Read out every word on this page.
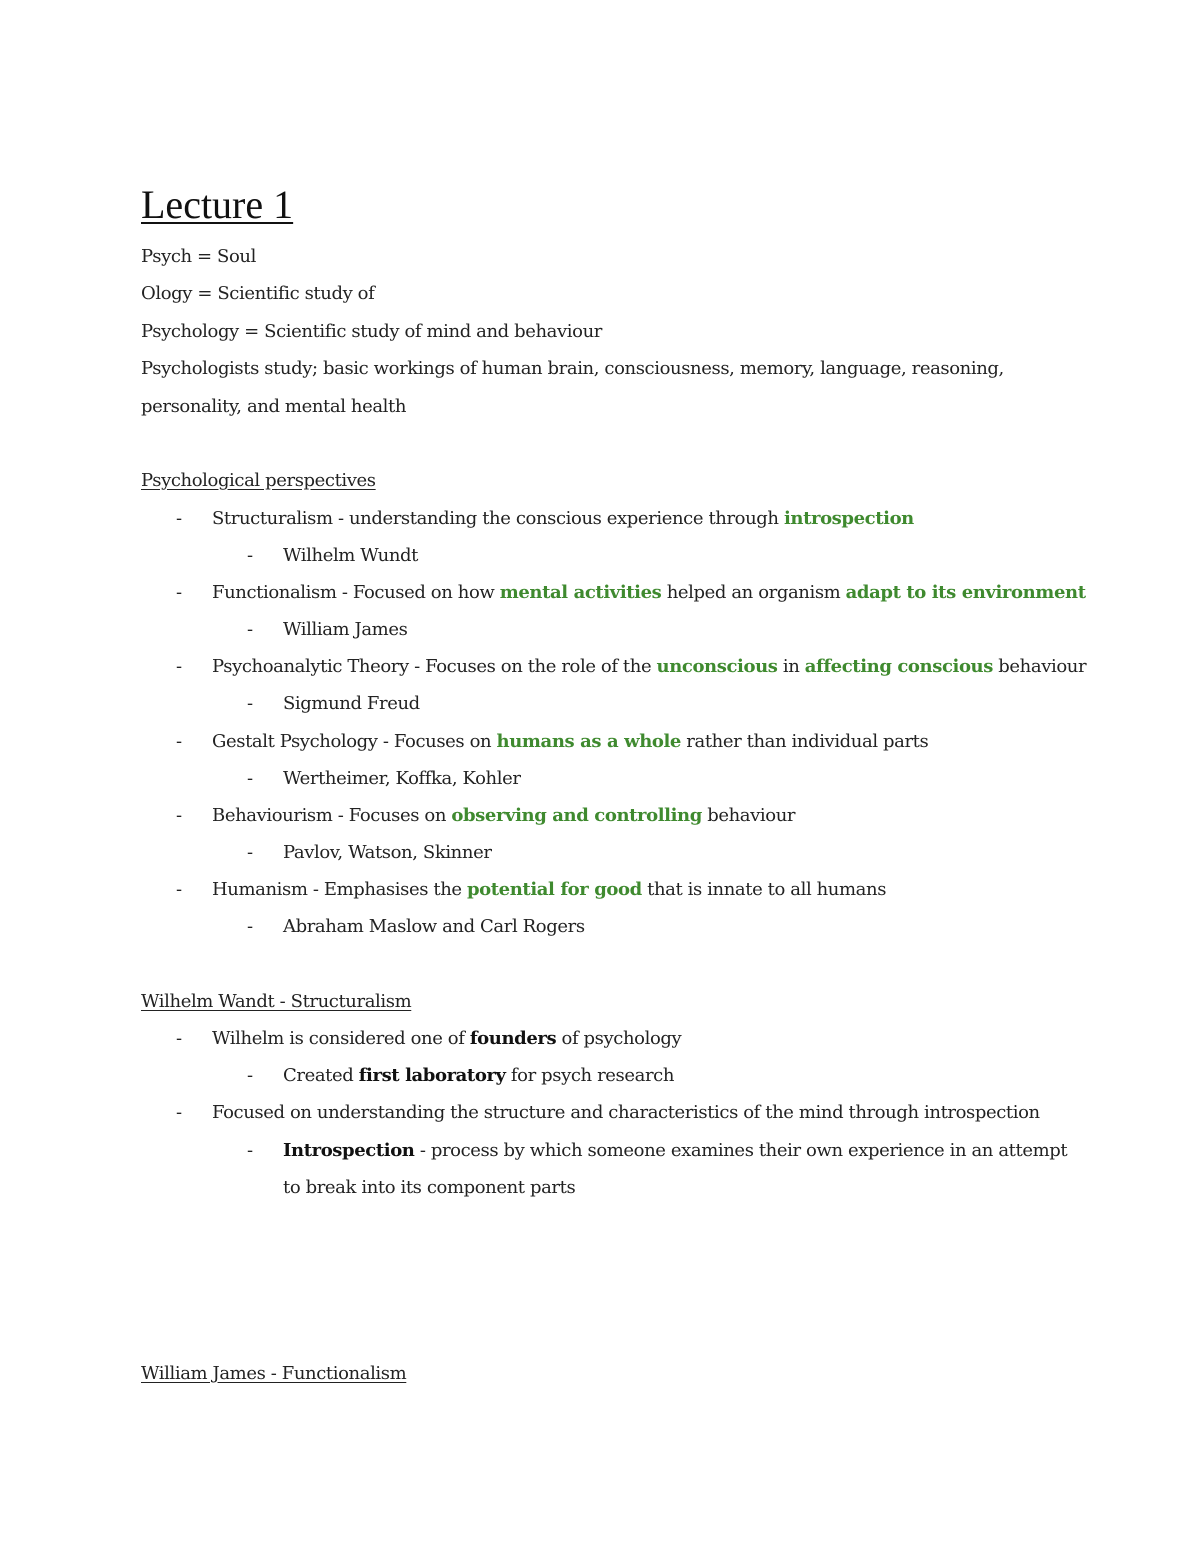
Lecture 1
Psych = Soul
Ology = Scientific study of
Psychology = Scientific study of mind and behaviour
Psychologists study; basic workings of human brain, consciousness, memory, language, reasoning,
personality, and mental health
Psychological perspectives
- Structuralism - understanding the conscious experience through introspection
- Wilhelm Wundt
- Functionalism - Focused on how mental activities helped an organism adapt to its environment
- William James
- Psychoanalytic Theory - Focuses on the role of the unconscious in affecting conscious behaviour
- Sigmund Freud
- Gestalt Psychology - Focuses on humans as a whole rather than individual parts
- Wertheimer, Koffka, Kohler
- Behaviourism - Focuses on observing and controlling behaviour
- Pavlov, Watson, Skinner
- Humanism - Emphasises the potential for good that is innate to all humans
- Abraham Maslow and Carl Rogers
Wilhelm Wandt - Structuralism
- Wilhelm is considered one of founders of psychology
- Created first laboratory for psych research
- Focused on understanding the structure and characteristics of the mind through introspection
- Introspection - process by which someone examines their own experience in an attempt
to break into its component parts
William James - Functionalism
